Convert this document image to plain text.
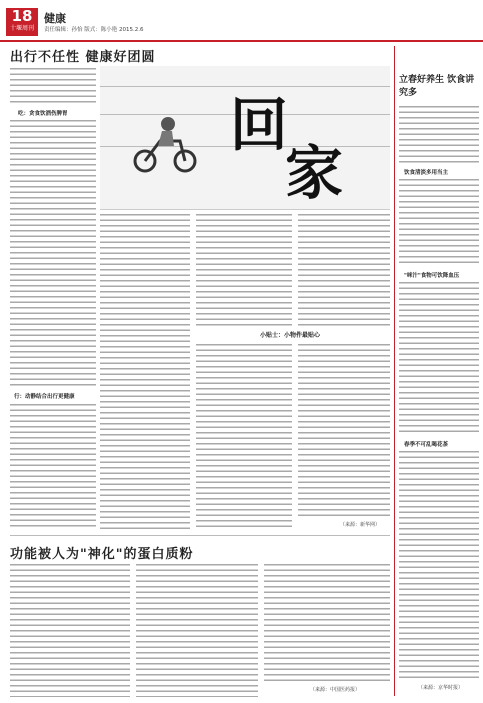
18
十堰周刊
健康
责任编辑：孙怡 版式：陈小艳 2015.2.6
出行不任性 健康好团圆
吃：贪食饮酒伤脾胃
行：动静结合出行更健康
回
家
小贴士：小物件最贴心
（来源：新华网）
功能被人为"神化"的蛋白质粉
（来源：中国医药报）
立春好养生 饮食讲究多
饮食清淡多用当主
"咪汁"食物可饮降血压
春季不可乱喝花茶
（来源：京华时报）
